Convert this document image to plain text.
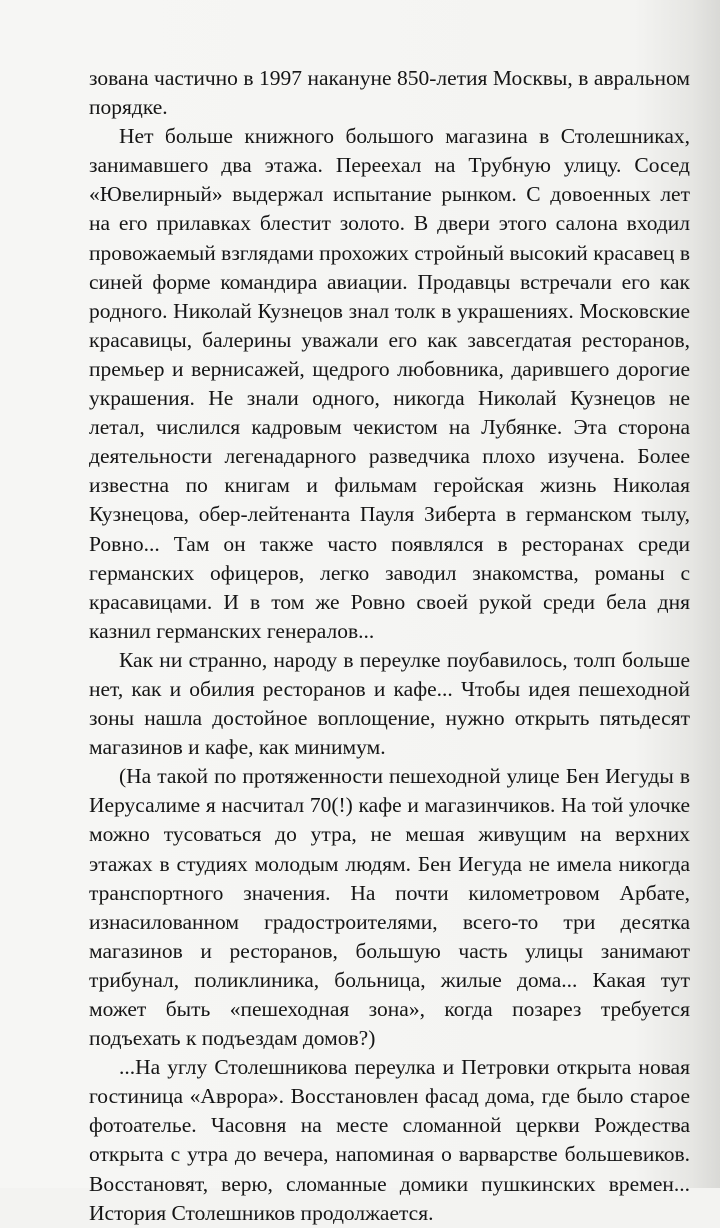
зована частично в 1997 накануне 850-летия Москвы, в авральном порядке.

Нет больше книжного большого магазина в Столешниках, занимавшего два этажа. Переехал на Трубную улицу. Сосед «Ювелирный» выдержал испытание рынком. С довоенных лет на его прилавках блестит золото. В двери этого салона входил провожаемый взглядами прохожих стройный высокий красавец в синей форме командира авиации. Продавцы встречали его как родного. Николай Кузнецов знал толк в украшениях. Московские красавицы, балерины уважали его как завсегдатая ресторанов, премьер и вернисажей, щедрого любовника, дарившего дорогие украшения. Не знали одного, никогда Николай Кузнецов не летал, числился кадровым чекистом на Лубянке. Эта сторона деятельности легенадарного разведчика плохо изучена. Более известна по книгам и фильмам геройская жизнь Николая Кузнецова, обер-лейтенанта Пауля Зиберта в германском тылу, Ровно... Там он также часто появлялся в ресторанах среди германских офицеров, легко заводил знакомства, романы с красавицами. И в том же Ровно своей рукой среди бела дня казнил германских генералов...

Как ни странно, народу в переулке поубавилось, толп больше нет, как и обилия ресторанов и кафе... Чтобы идея пешеходной зоны нашла достойное воплощение, нужно открыть пятьдесят магазинов и кафе, как минимум.

(На такой по протяженности пешеходной улице Бен Иегуды в Иерусалиме я насчитал 70(!) кафе и магазинчиков. На той улочке можно тусоваться до утра, не мешая живущим на верхних этажах в студиях молодым людям. Бен Иегуда не имела никогда транспортного значения. На почти километровом Арбате, изнасилованном градостроителями, всего-то три десятка магазинов и ресторанов, большую часть улицы занимают трибунал, поликлиника, больница, жилые дома... Какая тут может быть «пешеходная зона», когда позарез требуется подъехать к подъездам домов?)

...На углу Столешникова переулка и Петровки открыта новая гостиница «Аврора». Восстановлен фасад дома, где было старое фотоателье. Часовня на месте сломанной церкви Рождества открыта с утра до вечера, напоминая о варварстве большевиков. Восстановят, верю, сломанные домики пушкинских времен... История Столешников продолжается.
